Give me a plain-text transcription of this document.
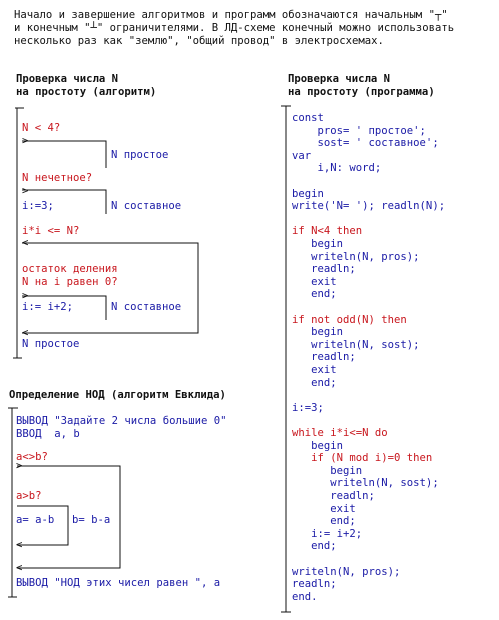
Начало и завершение алгоритмов и программ обозначаются начальным "┬"
и конечным "┴" ограничителями. В ЛД-схеме конечный можно использовать
несколько раз как "землю", "общий провод" в электросхемах.
Проверка числа N
на простоту (алгоритм)
N < 4?
>
N простое
N нечетное?
>
i:=3;	N составное
i*i <= N?
<
остаток деления
N на i равен 0?
>
i:= i+2;	N составное
<
N простое
Определение НОД (алгоритм Евклида)
ВЫВОД "Задайте 2 числа большие 0"
ВВОД  a, b
a<>b?
>
a>b?
a= a-b b= b-a
<
<
ВЫВОД "НОД этих чисел равен ", a
Проверка числа N
на простоту (программа)
const
pros= ' простое';
sost= ' составное';
var
i,N: word;
begin
write('N= '); readln(N);
if N<4 then
begin
writeln(N, pros);
readln;
exit
end;
if not odd(N) then
begin
writeln(N, sost);
readln;
exit
end;
i:=3;
while i*i<=N do
begin
if (N mod i)=0 then
begin
writeln(N, sost);
readln;
exit
end;
i:= i+2;
end;
writeln(N, pros);
readln;
end.
